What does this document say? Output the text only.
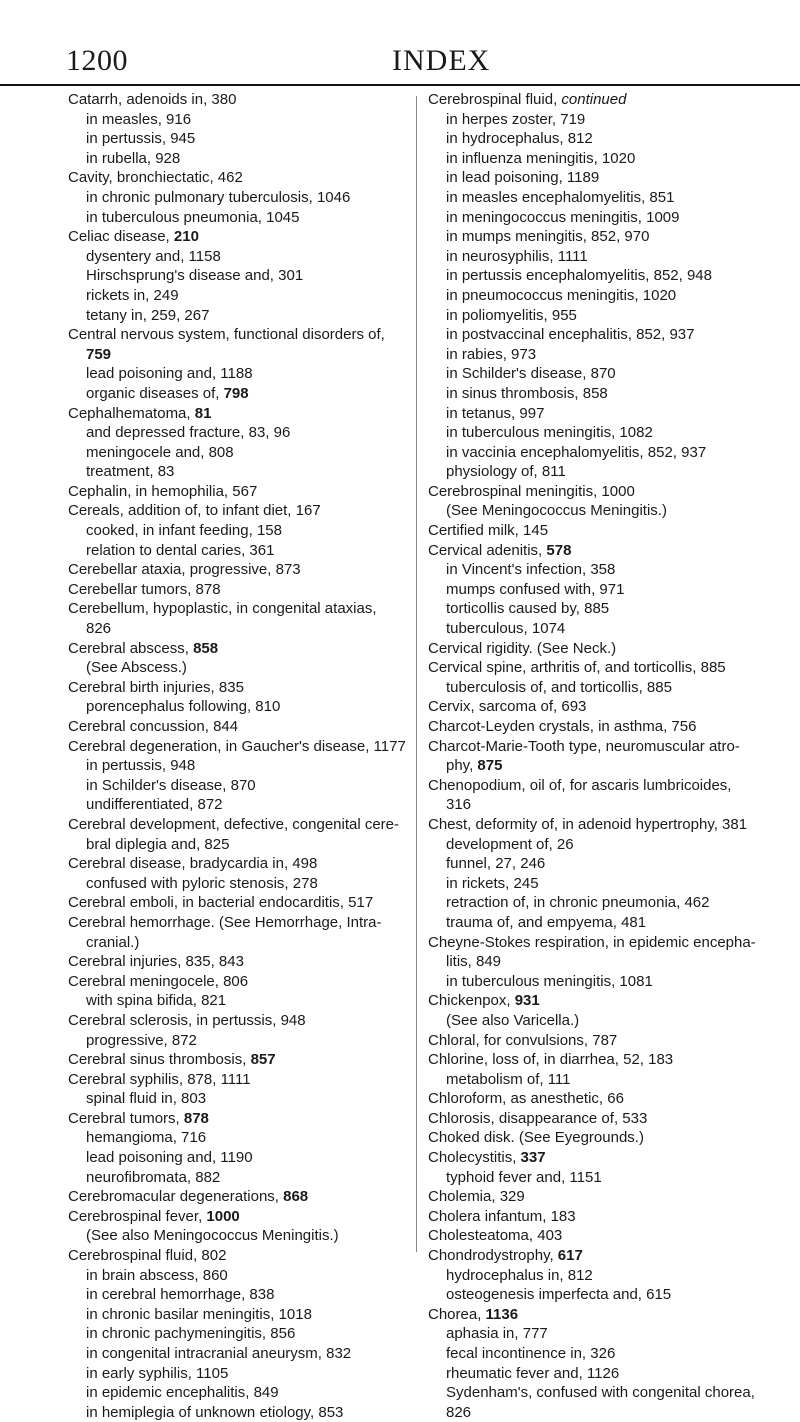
1200	INDEX
Catarrh, adenoids in, 380
in measles, 916
in pertussis, 945
in rubella, 928
Cavity, bronchiectatic, 462
in chronic pulmonary tuberculosis, 1046
in tuberculous pneumonia, 1045
Celiac disease, 210
dysentery and, 1158
Hirschsprung's disease and, 301
rickets in, 249
tetany in, 259, 267
Central nervous system, functional disorders of,
759
lead poisoning and, 1188
organic diseases of, 798
Cephalhematoma, 81
and depressed fracture, 83, 96
meningocele and, 808
treatment, 83
Cephalin, in hemophilia, 567
Cereals, addition of, to infant diet, 167
cooked, in infant feeding, 158
relation to dental caries, 361
Cerebellar ataxia, progressive, 873
Cerebellar tumors, 878
Cerebellum, hypoplastic, in congenital ataxias,
826
Cerebral abscess, 858
(See Abscess.)
Cerebral birth injuries, 835
porencephalus following, 810
Cerebral concussion, 844
Cerebral degeneration, in Gaucher's disease, 1177
in pertussis, 948
in Schilder's disease, 870
undifferentiated, 872
Cerebral development, defective, congenital cere-
bral diplegia and, 825
Cerebral disease, bradycardia in, 498
confused with pyloric stenosis, 278
Cerebral emboli, in bacterial endocarditis, 517
Cerebral hemorrhage. (See Hemorrhage, Intra-
cranial.)
Cerebral injuries, 835, 843
Cerebral meningocele, 806
with spina bifida, 821
Cerebral sclerosis, in pertussis, 948
progressive, 872
Cerebral sinus thrombosis, 857
Cerebral syphilis, 878, 1111
spinal fluid in, 803
Cerebral tumors, 878
hemangioma, 716
lead poisoning and, 1190
neurofibromata, 882
Cerebromacular degenerations, 868
Cerebrospinal fever, 1000
(See also Meningococcus Meningitis.)
Cerebrospinal fluid, 802
in brain abscess, 860
in cerebral hemorrhage, 838
in chronic basilar meningitis, 1018
in chronic pachymeningitis, 856
in congenital intracranial aneurysm, 832
in early syphilis, 1105
in epidemic encephalitis, 849
in hemiplegia of unknown etiology, 853
Cerebrospinal fluid, continued
in herpes zoster, 719
in hydrocephalus, 812
in influenza meningitis, 1020
in lead poisoning, 1189
in measles encephalomyelitis, 851
in meningococcus meningitis, 1009
in mumps meningitis, 852, 970
in neurosyphilis, 1111
in pertussis encephalomyelitis, 852, 948
in pneumococcus meningitis, 1020
in poliomyelitis, 955
in postvaccinal encephalitis, 852, 937
in rabies, 973
in Schilder's disease, 870
in sinus thrombosis, 858
in tetanus, 997
in tuberculous meningitis, 1082
in vaccinia encephalomyelitis, 852, 937
physiology of, 811
Cerebrospinal meningitis, 1000
(See Meningococcus Meningitis.)
Certified milk, 145
Cervical adenitis, 578
in Vincent's infection, 358
mumps confused with, 971
torticollis caused by, 885
tuberculous, 1074
Cervical rigidity. (See Neck.)
Cervical spine, arthritis of, and torticollis, 885
tuberculosis of, and torticollis, 885
Cervix, sarcoma of, 693
Charcot-Leyden crystals, in asthma, 756
Charcot-Marie-Tooth type, neuromuscular atro-
phy, 875
Chenopodium, oil of, for ascaris lumbricoides,
316
Chest, deformity of, in adenoid hypertrophy, 381
development of, 26
funnel, 27, 246
in rickets, 245
retraction of, in chronic pneumonia, 462
trauma of, and empyema, 481
Cheyne-Stokes respiration, in epidemic encepha-
litis, 849
in tuberculous meningitis, 1081
Chickenpox, 931
(See also Varicella.)
Chloral, for convulsions, 787
Chlorine, loss of, in diarrhea, 52, 183
metabolism of, 111
Chloroform, as anesthetic, 66
Chlorosis, disappearance of, 533
Choked disk. (See Eyegrounds.)
Cholecystitis, 337
typhoid fever and, 1151
Cholemia, 329
Cholera infantum, 183
Cholesteatoma, 403
Chondrodystrophy, 617
hydrocephalus in, 812
osteogenesis imperfecta and, 615
Chorea, 1136
aphasia in, 777
fecal incontinence in, 326
rheumatic fever and, 1126
Sydenham's, confused with congenital chorea,
826
